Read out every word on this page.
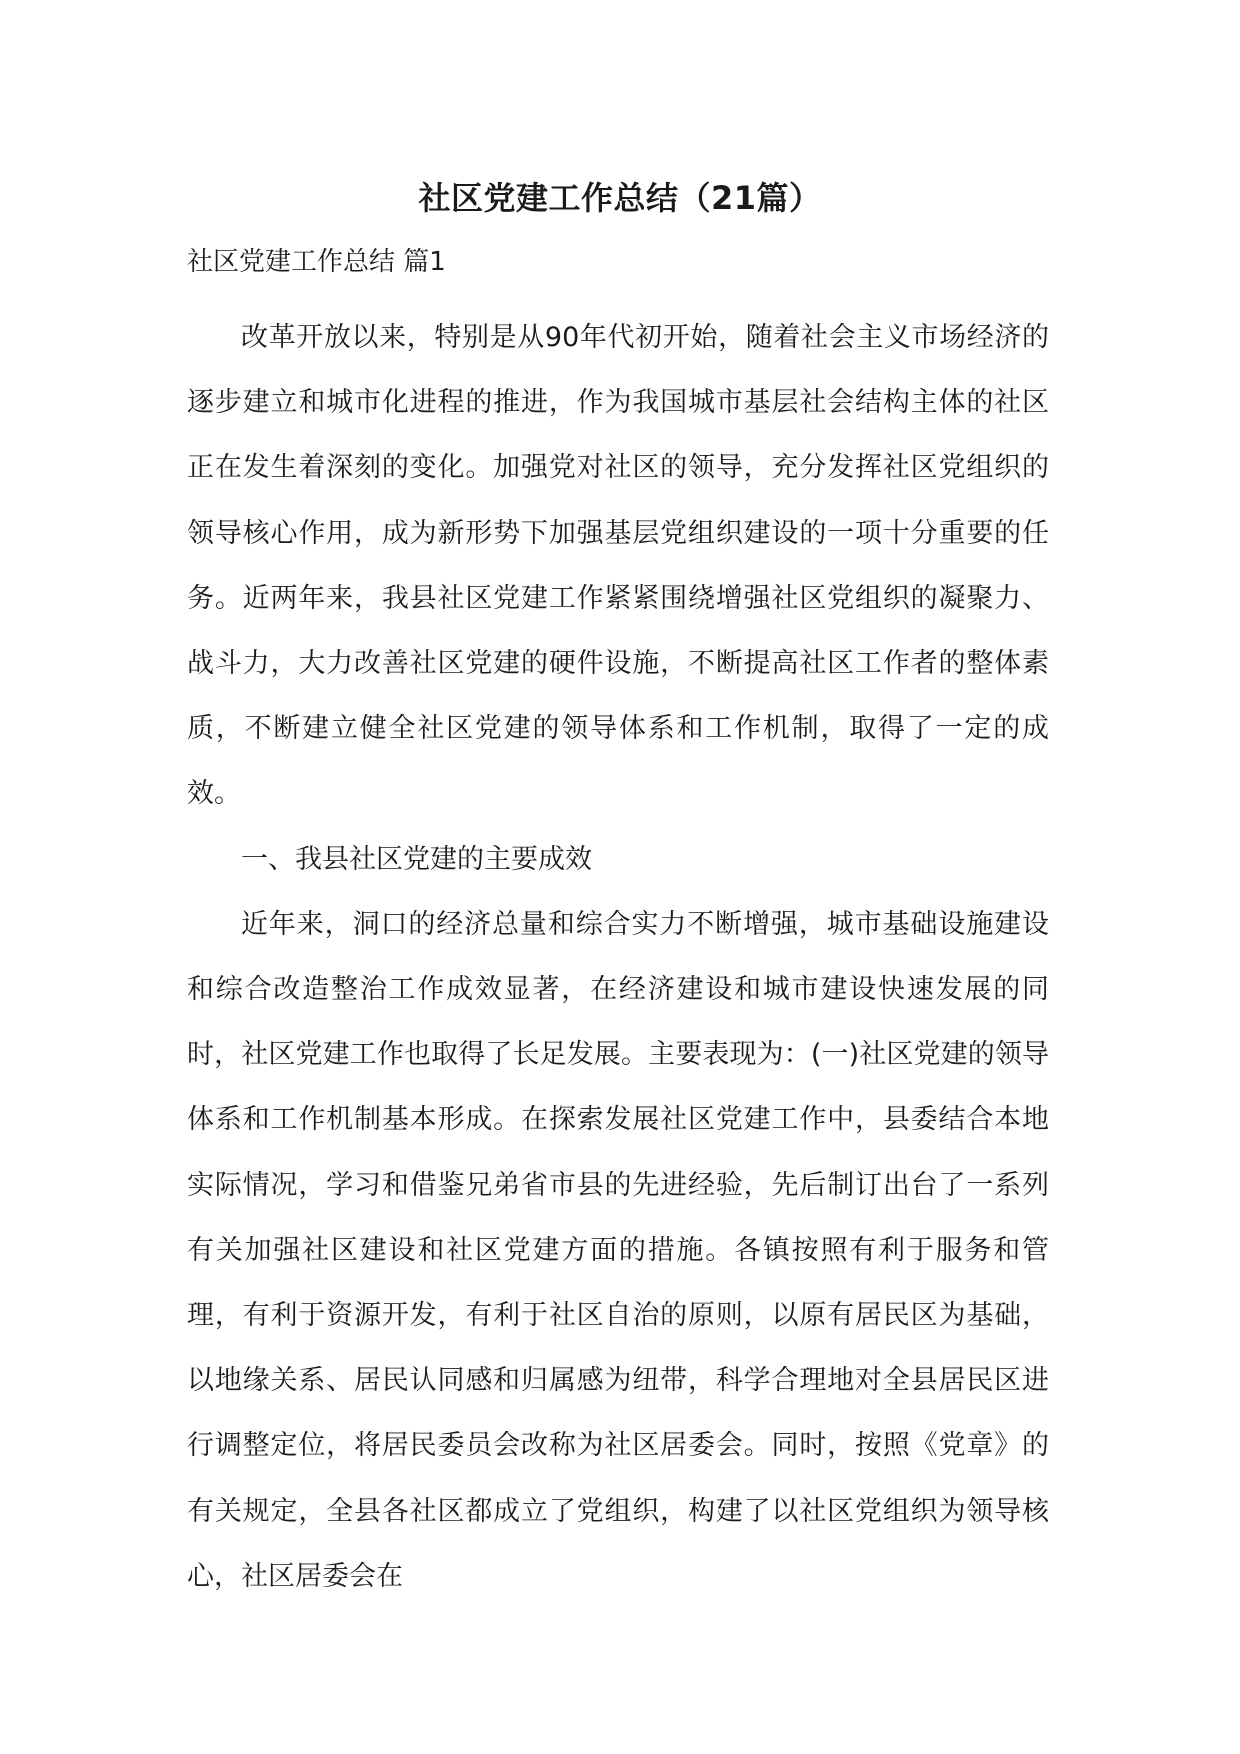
社区党建工作总结（21篇）
社区党建工作总结 篇1

改革开放以来，特别是从90年代初开始，随着社会主义市场经济的逐步建立和城市化进程的推进，作为我国城市基层社会结构主体的社区正在发生着深刻的变化。加强党对社区的领导，充分发挥社区党组织的领导核心作用，成为新形势下加强基层党组织建设的一项十分重要的任务。近两年来，我县社区党建工作紧紧围绕增强社区党组织的凝聚力、战斗力，大力改善社区党建的硬件设施，不断提高社区工作者的整体素质，不断建立健全社区党建的领导体系和工作机制，取得了一定的成效。

一、我县社区党建的主要成效

近年来，洞口的经济总量和综合实力不断增强，城市基础设施建设和综合改造整治工作成效显著，在经济建设和城市建设快速发展的同时，社区党建工作也取得了长足发展。主要表现为：(一)社区党建的领导体系和工作机制基本形成。在探索发展社区党建工作中，县委结合本地实际情况，学习和借鉴兄弟省市县的先进经验，先后制订出台了一系列有关加强社区建设和社区党建方面的措施。各镇按照有利于服务和管理，有利于资源开发，有利于社区自治的原则，以原有居民区为基础，以地缘关系、居民认同感和归属感为纽带，科学合理地对全县居民区进行调整定位，将居民委员会改称为社区居委会。同时，按照《党章》的有关规定，全县各社区都成立了党组织，构建了以社区党组织为领导核心，社区居委会在
